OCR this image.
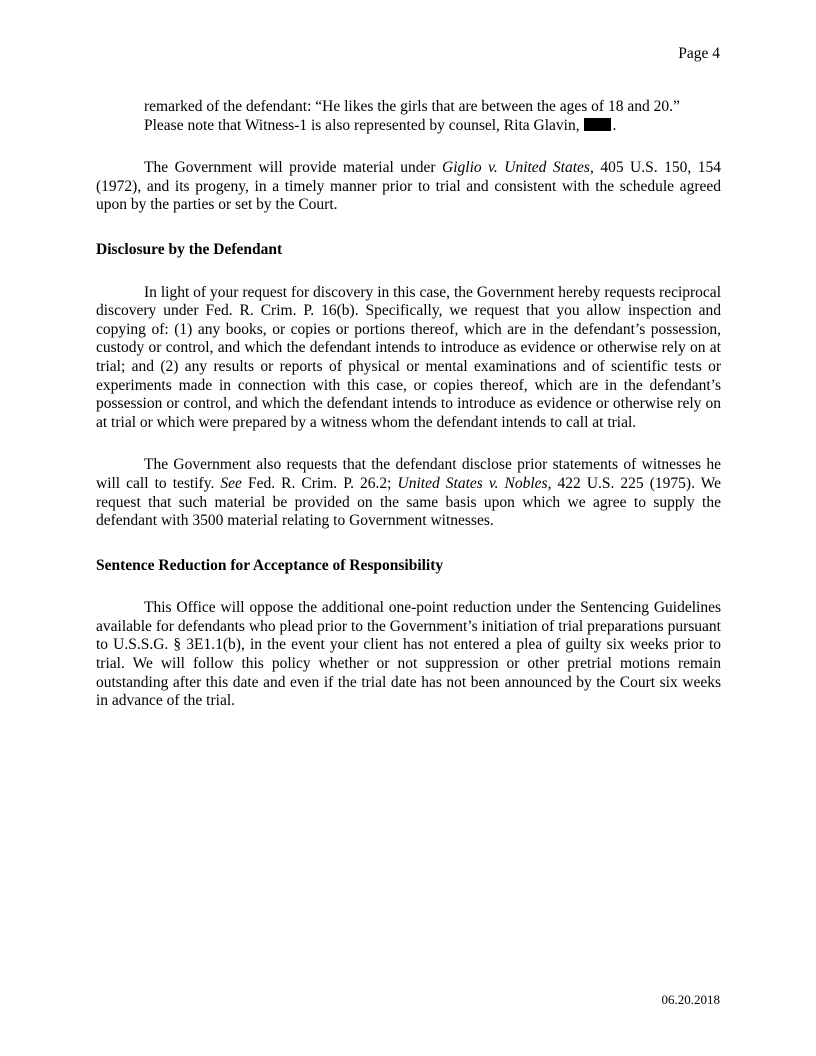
Page 4
remarked of the defendant: “He likes the girls that are between the ages of 18 and 20.”
Please note that Witness-1 is also represented by counsel, Rita Glavin, .
The Government will provide material under Giglio v. United States, 405 U.S. 150, 154 (1972), and its progeny, in a timely manner prior to trial and consistent with the schedule agreed upon by the parties or set by the Court.
Disclosure by the Defendant
In light of your request for discovery in this case, the Government hereby requests reciprocal discovery under Fed. R. Crim. P. 16(b). Specifically, we request that you allow inspection and copying of: (1) any books, or copies or portions thereof, which are in the defendant’s possession, custody or control, and which the defendant intends to introduce as evidence or otherwise rely on at trial; and (2) any results or reports of physical or mental examinations and of scientific tests or experiments made in connection with this case, or copies thereof, which are in the defendant’s possession or control, and which the defendant intends to introduce as evidence or otherwise rely on at trial or which were prepared by a witness whom the defendant intends to call at trial.
The Government also requests that the defendant disclose prior statements of witnesses he will call to testify. See Fed. R. Crim. P. 26.2; United States v. Nobles, 422 U.S. 225 (1975). We request that such material be provided on the same basis upon which we agree to supply the defendant with 3500 material relating to Government witnesses.
Sentence Reduction for Acceptance of Responsibility
This Office will oppose the additional one-point reduction under the Sentencing Guidelines available for defendants who plead prior to the Government’s initiation of trial preparations pursuant to U.S.S.G. § 3E1.1(b), in the event your client has not entered a plea of guilty six weeks prior to trial. We will follow this policy whether or not suppression or other pretrial motions remain outstanding after this date and even if the trial date has not been announced by the Court six weeks in advance of the trial.
06.20.2018
